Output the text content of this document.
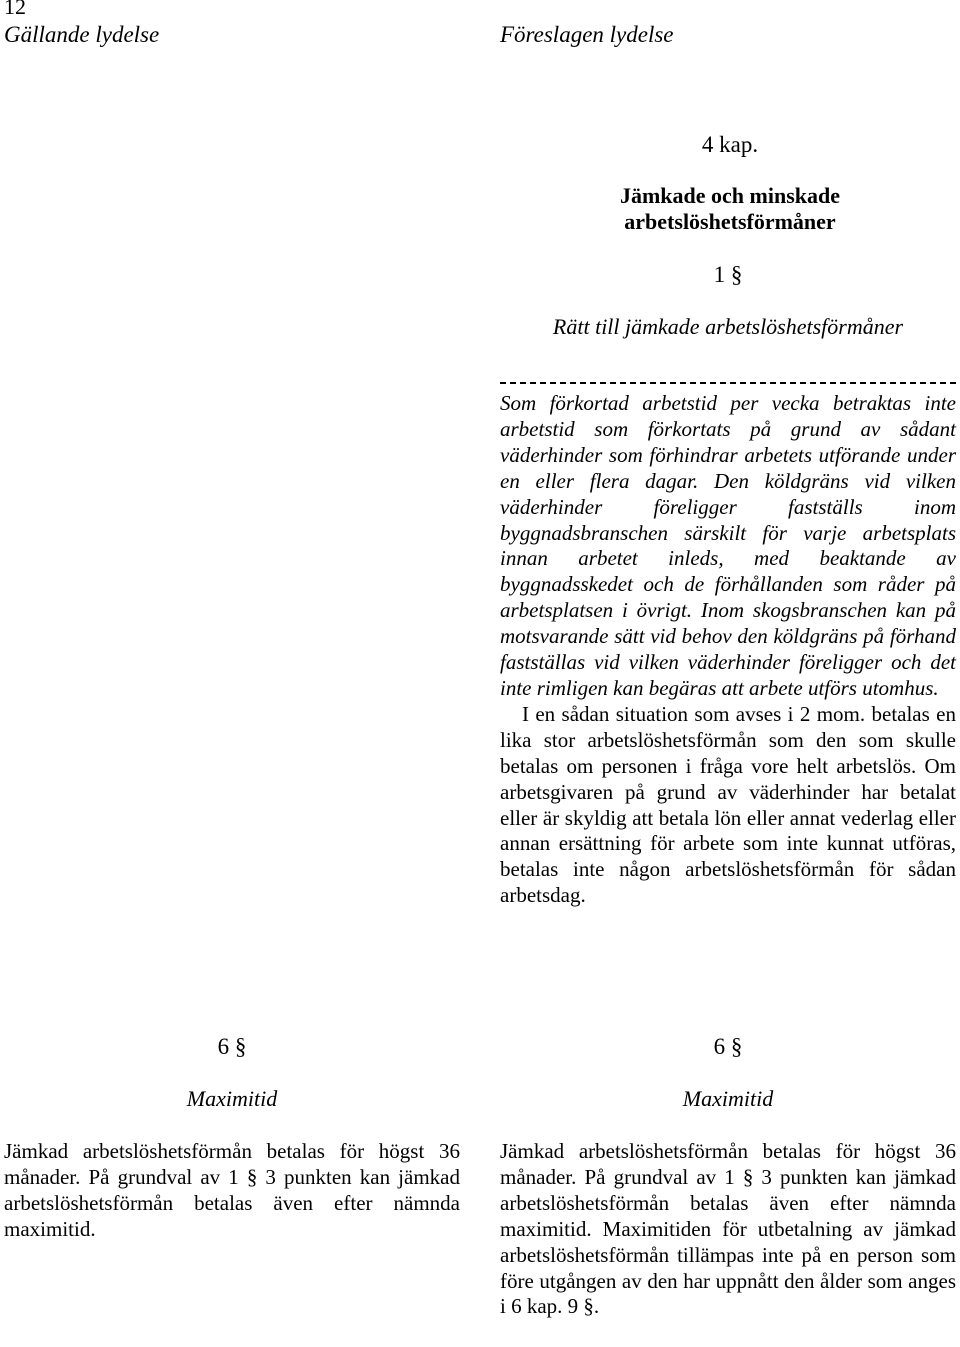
12
Gällande lydelse	Föreslagen lydelse
4 kap.
Jämkade och minskade arbetslöshetsförmåner
1 §
Rätt till jämkade arbetslöshetsförmåner

Som förkortad arbetstid per vecka betraktas inte arbetstid som förkortats på grund av sådant väderhinder som förhindrar arbetets utförande under en eller flera dagar. Den köldgräns vid vilken väderhinder föreligger fastställs inom byggnadsbranschen särskilt för varje arbetsplats innan arbetet inleds, med beaktande av byggnadsskedet och de förhållanden som råder på arbetsplatsen i övrigt. Inom skogsbranschen kan på motsvarande sätt vid behov den köldgräns på förhand fastställas vid vilken väderhinder föreligger och det inte rimligen kan begäras att arbete utförs utomhus.

I en sådan situation som avses i 2 mom. betalas en lika stor arbetslöshetsförmån som den som skulle betalas om personen i fråga vore helt arbetslös. Om arbetsgivaren på grund av väderhinder har betalat eller är skyldig att betala lön eller annat vederlag eller annan ersättning för arbete som inte kunnat utföras, betalas inte någon arbetslöshetsförmån för sådan arbetsdag.

6 §
Maximitid

Jämkad arbetslöshetsförmån betalas för högst 36 månader. På grundval av 1 § 3 punkten kan jämkad arbetslöshetsförmån betalas även efter nämnda maximitid.

6 §
Maximitid

Jämkad arbetslöshetsförmån betalas för högst 36 månader. På grundval av 1 § 3 punkten kan jämkad arbetslöshetsförmån betalas även efter nämnda maximitid. Maximitiden för utbetalning av jämkad arbetslöshetsförmån tillämpas inte på en person som före utgången av den har uppnått den ålder som anges i 6 kap. 9 §.
